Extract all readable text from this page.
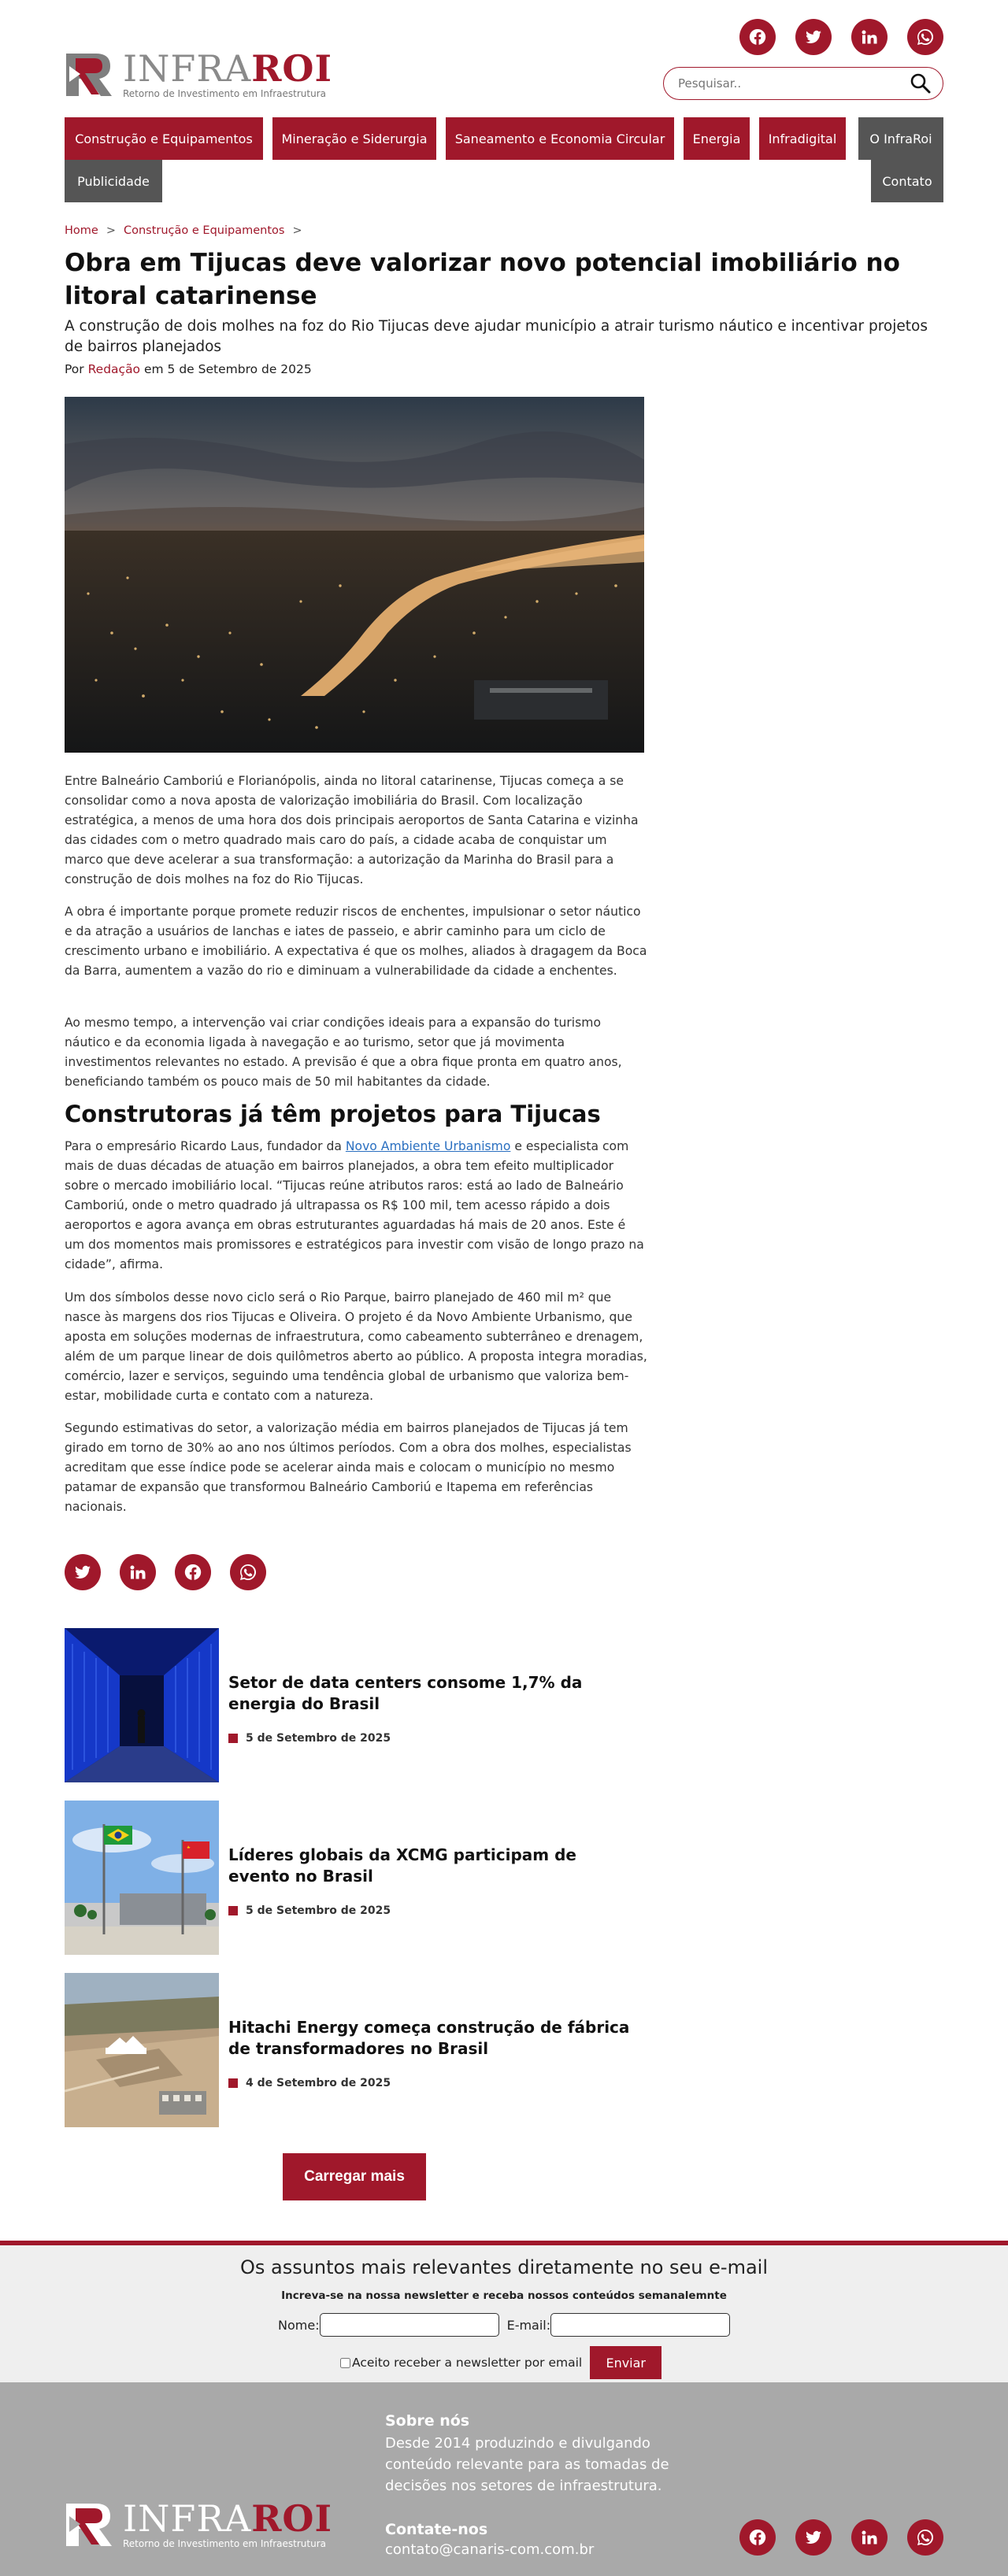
INFRAROI
Retorno de Investimento em Infraestrutura
Pesquisar..
Construção e Equipamentos	Mineração e Siderurgia	Saneamento e Economia Circular	Energia	Infradigital	O InfraRoi
Publicidade	Contato
Home > Construção e Equipamentos >
Obra em Tijucas deve valorizar novo potencial imobiliário no litoral catarinense
A construção de dois molhes na foz do Rio Tijucas deve ajudar município a atrair turismo náutico e incentivar projetos de bairros planejados
Por Redação em 5 de Setembro de 2025

Entre Balneário Camboriú e Florianópolis, ainda no litoral catarinense, Tijucas começa a se consolidar como a nova aposta de valorização imobiliária do Brasil. Com localização estratégica, a menos de uma hora dos dois principais aeroportos de Santa Catarina e vizinha das cidades com o metro quadrado mais caro do país, a cidade acaba de conquistar um marco que deve acelerar a sua transformação: a autorização da Marinha do Brasil para a construção de dois molhes na foz do Rio Tijucas.

A obra é importante porque promete reduzir riscos de enchentes, impulsionar o setor náutico e da atração a usuários de lanchas e iates de passeio, e abrir caminho para um ciclo de crescimento urbano e imobiliário. A expectativa é que os molhes, aliados à dragagem da Boca da Barra, aumentem a vazão do rio e diminuam a vulnerabilidade da cidade a enchentes.

Ao mesmo tempo, a intervenção vai criar condições ideais para a expansão do turismo náutico e da economia ligada à navegação e ao turismo, setor que já movimenta investimentos relevantes no estado. A previsão é que a obra fique pronta em quatro anos, beneficiando também os pouco mais de 50 mil habitantes da cidade.

Construtoras já têm projetos para Tijucas

Para o empresário Ricardo Laus, fundador da Novo Ambiente Urbanismo e especialista com mais de duas décadas de atuação em bairros planejados, a obra tem efeito multiplicador sobre o mercado imobiliário local. “Tijucas reúne atributos raros: está ao lado de Balneário Camboriú, onde o metro quadrado já ultrapassa os R$ 100 mil, tem acesso rápido a dois aeroportos e agora avança em obras estruturantes aguardadas há mais de 20 anos. Este é um dos momentos mais promissores e estratégicos para investir com visão de longo prazo na cidade”, afirma.

Um dos símbolos desse novo ciclo será o Rio Parque, bairro planejado de 460 mil m² que nasce às margens dos rios Tijucas e Oliveira. O projeto é da Novo Ambiente Urbanismo, que aposta em soluções modernas de infraestrutura, como cabeamento subterrâneo e drenagem, além de um parque linear de dois quilômetros aberto ao público. A proposta integra moradias, comércio, lazer e serviços, seguindo uma tendência global de urbanismo que valoriza bem-estar, mobilidade curta e contato com a natureza.

Segundo estimativas do setor, a valorização média em bairros planejados de Tijucas já tem girado em torno de 30% ao ano nos últimos períodos. Com a obra dos molhes, especialistas acreditam que esse índice pode se acelerar ainda mais e colocam o município no mesmo patamar de expansão que transformou Balneário Camboriú e Itapema em referências nacionais.

Setor de data centers consome 1,7% da energia do Brasil
5 de Setembro de 2025
Líderes globais da XCMG participam de evento no Brasil
5 de Setembro de 2025
Hitachi Energy começa construção de fábrica de transformadores no Brasil
4 de Setembro de 2025
Carregar mais
Os assuntos mais relevantes diretamente no seu e-mail
Increva-se na nossa newsletter e receba nossos conteúdos semanalemnte
Nome:	E-mail:
Aceito receber a newsletter por email	Enviar
Sobre nós
Desde 2014 produzindo e divulgando conteúdo relevante para as tomadas de decisões nos setores de infraestrutura.
INFRAROI
Retorno de Investimento em Infraestrutura
Contate-nos
contato@canaris-com.com.br
